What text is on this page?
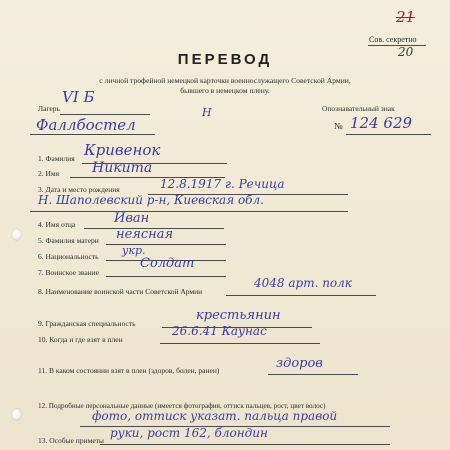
21
Сов. секретно
20
ПЕРЕВОД
с личной трофейной немецкой карточки военнослужащего Советской Армии,
бывшего в немецком плену.
Лагерь
VI Б
H
Фаллбостел
Опознавательный знак
№ 124 629
1. Фамилия Кривенок
2. Имя Никита
3. Дата и место рождения	12.8.1917 г. Речица
Н. Шаполевский р-н, Киевская обл.
4. Имя отца	Иван
5. Фамилия матери неясная
6. Национальность укр.
7. Воинское звание
Солдат
8. Наименование воинской части Советской Армии
4048 арт. полк
9. Гражданская специальность
крестьянин
10. Когда и где взят в плен
26.6.41 Каунас
11. В каком состоянии взят в плен (здоров, болен, ранен)	здоров
12. Подробные персональные данные (имеется фотография, оттиск пальцев, рост, цвет волос)
фото, оттиск указат. пальца правой
13. Особые приметы
руки, рост 162, блондин
